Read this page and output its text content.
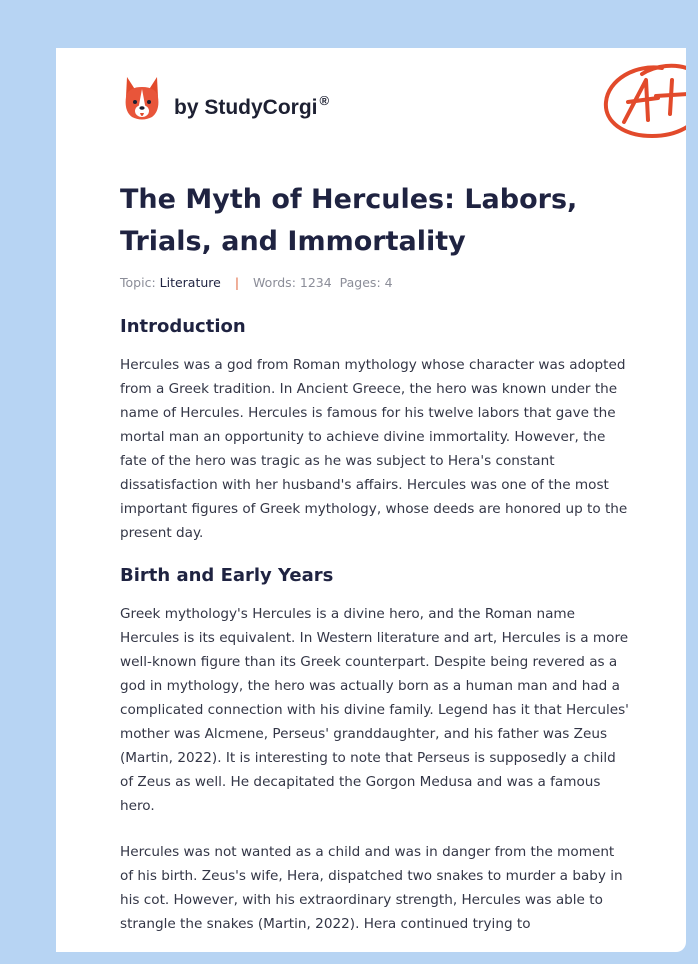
by StudyCorgi ®
The Myth of Hercules: Labors, Trials, and Immortality
Topic: Literature | Words: 1234 Pages: 4
Introduction

Hercules was a god from Roman mythology whose character was adopted from a Greek tradition. In Ancient Greece, the hero was known under the name of Hercules. Hercules is famous for his twelve labors that gave the mortal man an opportunity to achieve divine immortality. However, the fate of the hero was tragic as he was subject to Hera's constant dissatisfaction with her husband's affairs. Hercules was one of the most important figures of Greek mythology, whose deeds are honored up to the present day.

Birth and Early Years

Greek mythology's Hercules is a divine hero, and the Roman name Hercules is its equivalent. In Western literature and art, Hercules is a more well-known figure than its Greek counterpart. Despite being revered as a god in mythology, the hero was actually born as a human man and had a complicated connection with his divine family. Legend has it that Hercules' mother was Alcmene, Perseus' granddaughter, and his father was Zeus (Martin, 2022). It is interesting to note that Perseus is supposedly a child of Zeus as well. He decapitated the Gorgon Medusa and was a famous hero.

Hercules was not wanted as a child and was in danger from the moment of his birth. Zeus's wife, Hera, dispatched two snakes to murder a baby in his cot. However, with his extraordinary strength, Hercules was able to strangle the snakes (Martin, 2022). Hera continued trying to
